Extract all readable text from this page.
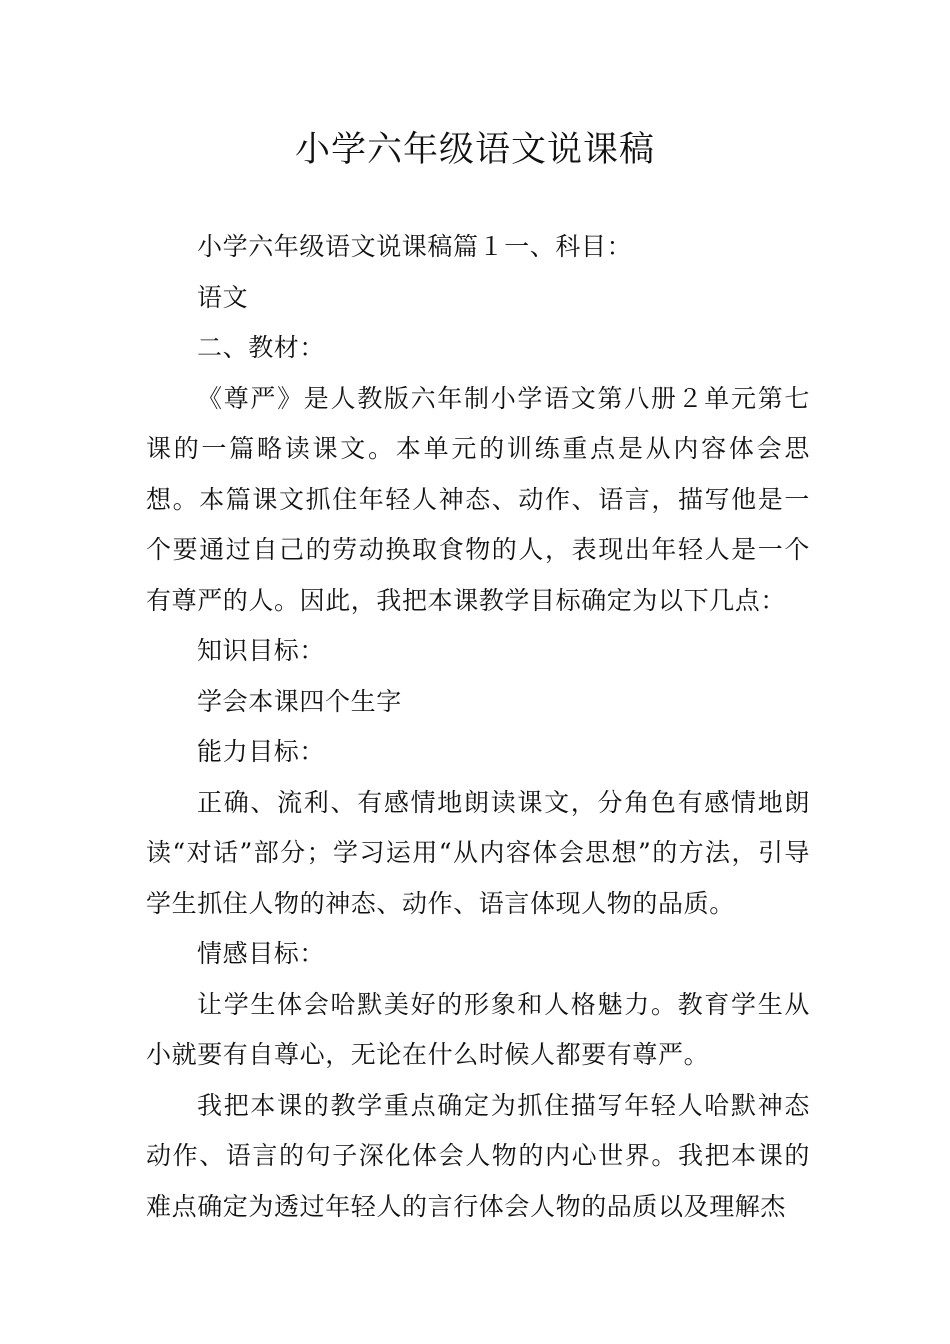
小学六年级语文说课稿

小学六年级语文说课稿篇１一、科目：

语文

二、教材：

《尊严》是人教版六年制小学语文第八册２单元第七课的一篇略读课文。本单元的训练重点是从内容体会思想。本篇课文抓住年轻人神态、动作、语言，描写他是一个要通过自己的劳动换取食物的人，表现出年轻人是一个有尊严的人。因此，我把本课教学目标确定为以下几点：

知识目标：

学会本课四个生字

能力目标：

正确、流利、有感情地朗读课文，分角色有感情地朗读“对话”部分；学习运用“从内容体会思想”的方法，引导学生抓住人物的神态、动作、语言体现人物的品质。

情感目标：

让学生体会哈默美好的形象和人格魅力。教育学生从小就要有自尊心，无论在什么时候人都要有尊严。

我把本课的教学重点确定为抓住描写年轻人哈默神态动作、语言的句子深化体会人物的内心世界。我把本课的难点确定为透过年轻人的言行体会人物的品质以及理解杰
